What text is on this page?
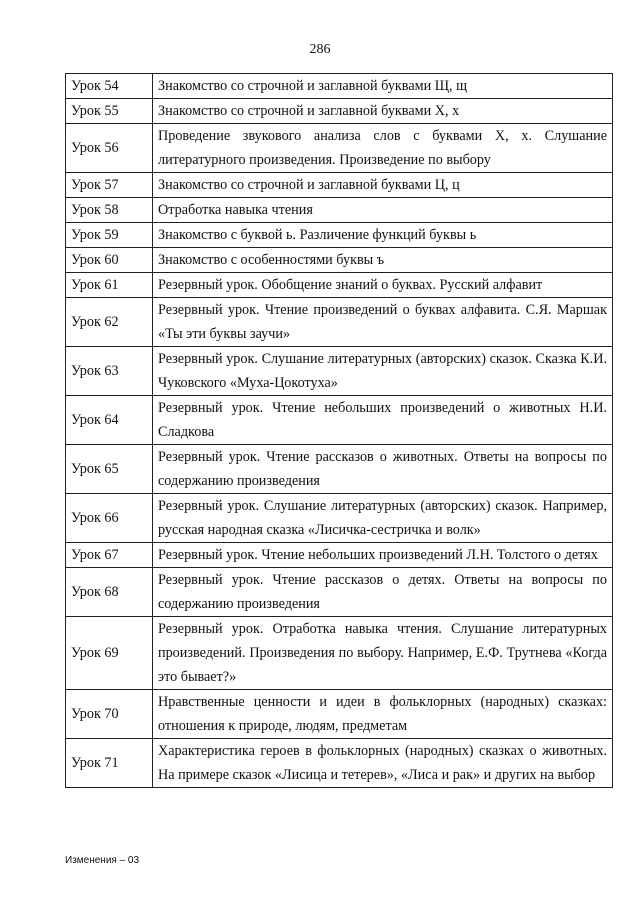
286
Урок 54	Знакомство со строчной и заглавной буквами Щ, щ
Урок 55	Знакомство со строчной и заглавной буквами Х, х
Урок 56	Проведение звукового анализа слов с буквами Х, х. Слушание литературного произведения. Произведение по выбору
Урок 57	Знакомство со строчной и заглавной буквами Ц, ц
Урок 58	Отработка навыка чтения
Урок 59	Знакомство с буквой ь. Различение функций буквы ь
Урок 60	Знакомство с особенностями буквы ъ
Урок 61	Резервный урок. Обобщение знаний о буквах. Русский алфавит
Урок 62	Резервный урок. Чтение произведений о буквах алфавита. С.Я. Маршак «Ты эти буквы заучи»
Урок 63	Резервный урок. Слушание литературных (авторских) сказок. Сказка К.И. Чуковского «Муха-Цокотуха»
Урок 64	Резервный урок. Чтение небольших произведений о животных Н.И. Сладкова
Урок 65	Резервный урок. Чтение рассказов о животных. Ответы на вопросы по содержанию произведения
Урок 66	Резервный урок. Слушание литературных (авторских) сказок. Например, русская народная сказка «Лисичка-сестричка и волк»
Урок 67	Резервный урок. Чтение небольших произведений Л.Н. Толстого о детях
Урок 68	Резервный урок. Чтение рассказов о детях. Ответы на вопросы по содержанию произведения
Урок 69	Резервный урок. Отработка навыка чтения. Слушание литературных произведений. Произведения по выбору. Например, Е.Ф. Трутнева «Когда это бывает?»
Урок 70	Нравственные ценности и идеи в фольклорных (народных) сказках: отношения к природе, людям, предметам
Урок 71	Характеристика героев в фольклорных (народных) сказках о животных. На примере сказок «Лисица и тетерев», «Лиса и рак» и других на выбор
Изменения – 03
